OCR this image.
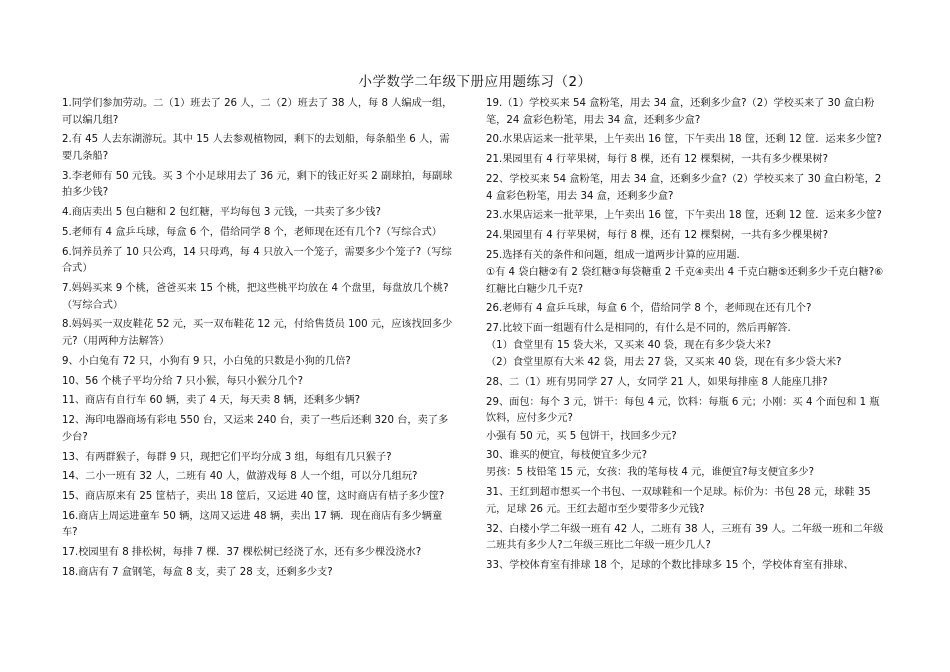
小学数学二年级下册应用题练习（2）

1.同学们参加劳动。二（1）班去了 26 人，二（2）班去了 38 人，每 8 人编成一组，可以编几组?

2.有 45 人去东湖游玩。其中 15 人去参观植物园，剩下的去划船，每条船坐 6 人，需要几条船?

3.李老师有 50 元钱。买 3 个小足球用去了 36 元，剩下的钱正好买 2 副球拍，每副球拍多少钱?

4.商店卖出 5 包白糖和 2 包红糖，平均每包 3 元钱，一共卖了多少钱?

5.老师有 4 盒乒乓球，每盒 6 个，借给同学 8 个，老师现在还有几个?（写综合式）

6.饲养员养了 10 只公鸡，14 只母鸡，每 4 只放入一个笼子，需要多少个笼子?（写综合式）

7.妈妈买来 9 个桃，爸爸买来 15 个桃，把这些桃平均放在 4 个盘里，每盘放几个桃?（写综合式）

8.妈妈买一双皮鞋花 52 元，买一双布鞋花 12 元，付给售货员 100 元，应该找回多少元?（用两种方法解答）

9、小白兔有 72 只，小狗有 9 只，小白兔的只数是小狗的几倍?

10、56 个桃子平均分给 7 只小猴，每只小猴分几个?

11、商店有自行车 60 辆，卖了 4 天，每天卖 8 辆，还剩多少辆?

12、海印电器商场有彩电 550 台，又运来 240 台，卖了一些后还剩 320 台，卖了多少台?

13、有两群猴子，每群 9 只，现把它们平均分成 3 组，每组有几只猴子?

14、二小一班有 32 人，二班有 40 人，做游戏每 8 人一个组，可以分几组玩?

15、商店原来有 25 筐桔子，卖出 18 筐后，又运进 40 筐，这时商店有桔子多少筐?

16.商店上周运进童车 50 辆，这周又运进 48 辆，卖出 17 辆．现在商店有多少辆童车?

17.校园里有 8 排松树，每排 7 棵．37 棵松树已经浇了水，还有多少棵没浇水?

18.商店有 7 盒钢笔，每盒 8 支，卖了 28 支，还剩多少支?

19.（1）学校买来 54 盒粉笔，用去 34 盒，还剩多少盒?（2）学校买来了 30 盒白粉笔，24 盒彩色粉笔，用去 34 盒，还剩多少盒?

20.水果店运来一批苹果，上午卖出 16 筐，下午卖出 18 筐，还剩 12 筐．运来多少筐?

21.果园里有 4 行苹果树，每行 8 棵，还有 12 棵梨树，一共有多少棵果树?

22、学校买来 54 盒粉笔，用去 34 盒，还剩多少盒?（2）学校买来了 30 盒白粉笔，24 盒彩色粉笔，用去 34 盒，还剩多少盒?

23.水果店运来一批苹果，上午卖出 16 筐，下午卖出 18 筐，还剩 12 筐．运来多少筐?

24.果园里有 4 行苹果树，每行 8 棵，还有 12 棵梨树，一共有多少棵果树?

25.选择有关的条件和问题，组成一道两步计算的应用题.

①有 4 袋白糖②有 2 袋红糖③每袋糖重 2 千克④卖出 4 千克白糖⑤还剩多少千克白糖?⑥红糖比白糖少几千克?

26.老师有 4 盒乒乓球，每盒 6 个，借给同学 8 个，老师现在还有几个?

27.比较下面一组题有什么是相同的，有什么是不同的，然后再解答.

（1）食堂里有 15 袋大米，又买来 40 袋，现在有多少袋大米?

（2）食堂里原有大米 42 袋，用去 27 袋，又买来 40 袋，现在有多少袋大米?

28、二（1）班有男同学 27 人，女同学 21 人，如果每排座 8 人能座几排?

29、面包：每个 3 元，饼干：每包 4 元，饮料：每瓶 6 元；小刚：买 4 个面包和 1 瓶饮料，应付多少元?

小强有 50 元，买 5 包饼干，找回多少元?

30、谁买的便宜，每枝便宜多少元?

男孩：5 枝铅笔 15 元，女孩：我的笔每枝 4 元，谁便宜?每支便宜多少?

31、王红到超市想买一个书包、一双球鞋和一个足球。标价为：书包 28 元，球鞋 35 元，足球 26 元。王红去超市至少要带多少元钱?

32、白楼小学二年级一班有 42 人，二班有 38 人，三班有 39 人。二年级一班和二年级二班共有多少人?二年级三班比二年级一班少几人?

33、学校体育室有排球 18 个，足球的个数比排球多 15 个，学校体育室有排球、
